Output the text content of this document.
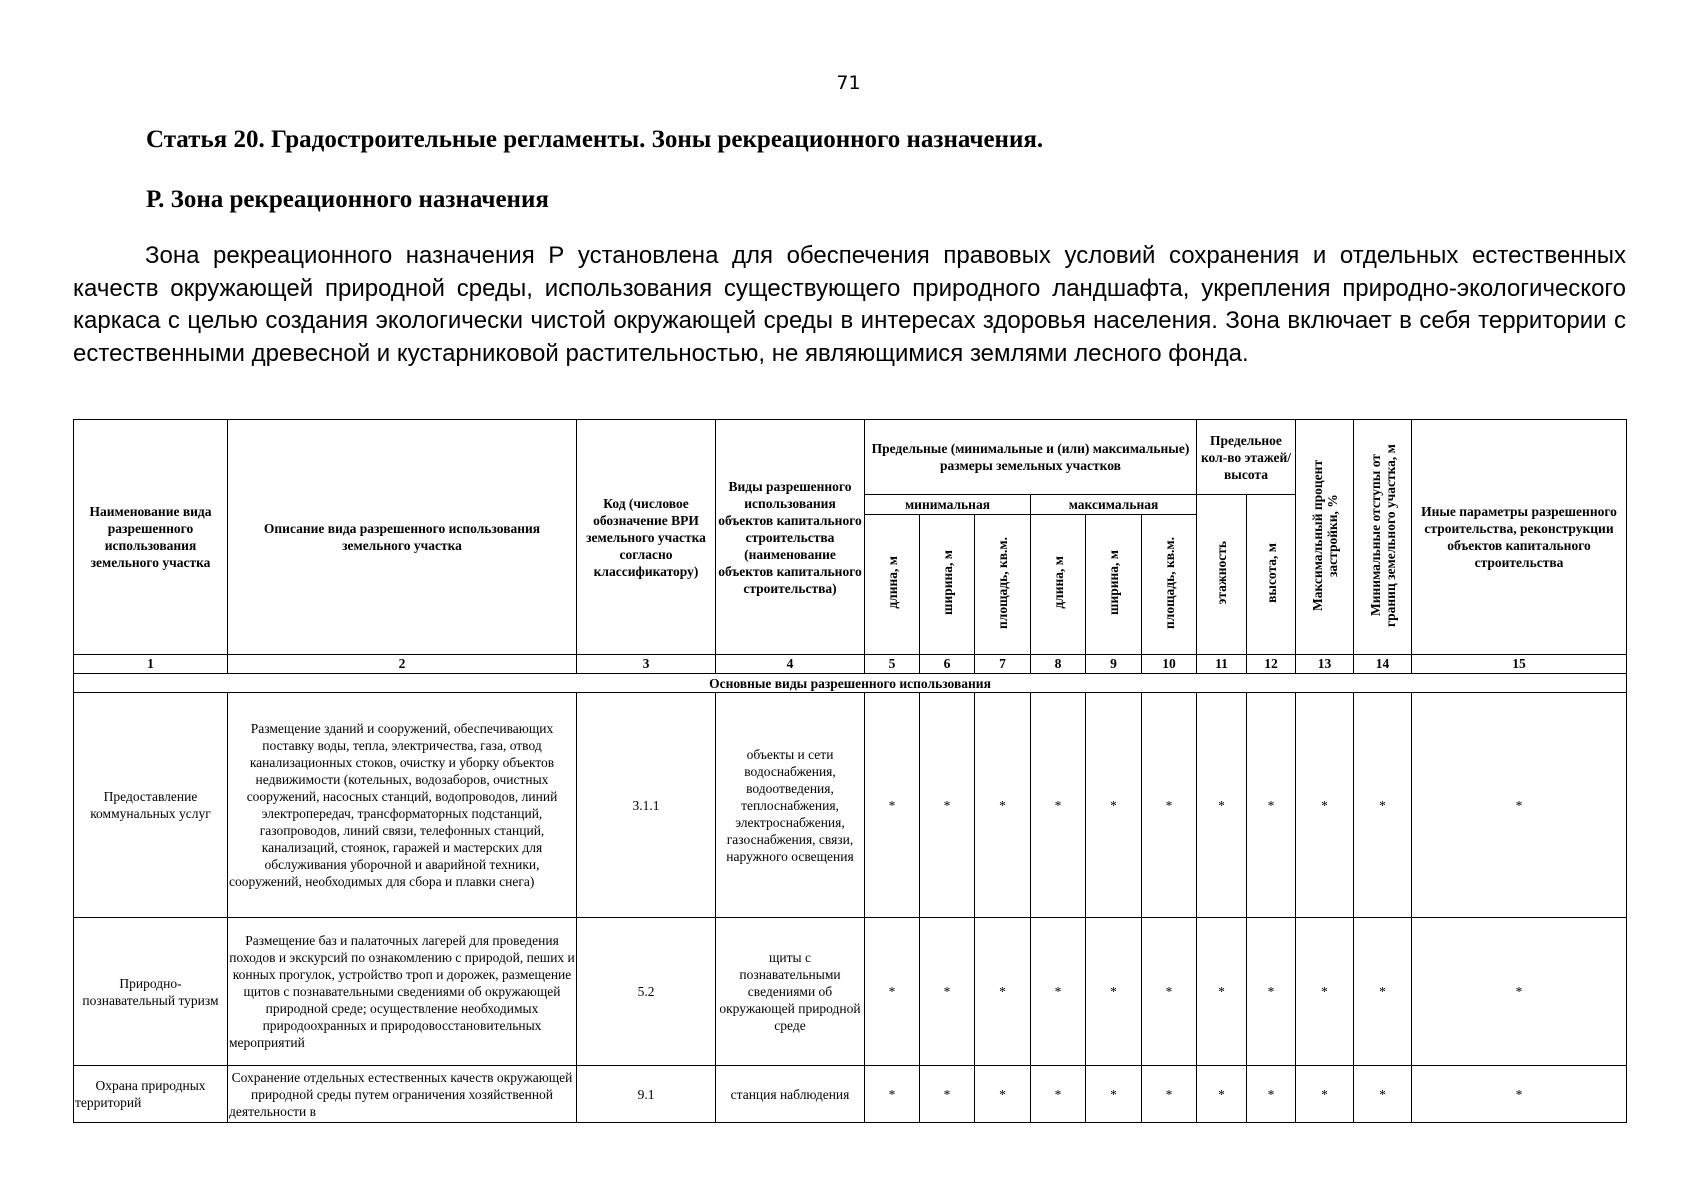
71
Статья 20. Градостроительные регламенты. Зоны рекреационного назначения.
Р. Зона рекреационного назначения

Зона рекреационного назначения Р установлена для обеспечения правовых условий сохранения и отдельных естественных качеств окружающей природной среды, использования существующего природного ландшафта, укрепления природно-экологического каркаса с целью создания экологически чистой окружающей среды в интересах здоровья населения. Зона включает в себя территории с естественными древесной и кустарниковой растительностью, не являющимися землями лесного фонда.

Наименование вида разрешенного использования земельного участка	Описание вида разрешенного использования земельного участка	Код (числовое обозначение ВРИ земельного участка согласно классификатору)	Виды разрешенного использования объектов капитального строительства (наименование объектов капитального строительства)	Предельные (минимальные и (или) максимальные) размеры земельных участков						Предельное кол-во этажей/ высота		Максимальный процент застройки, %	Минимальные отступы от границ земельного участка, м	Иные параметры разрешенного строительства, реконструкции объектов капитального строительства
				минимальная			максимальная			этажность	высота, м			
				длина, м	ширина, м	площадь, кв.м.	длина, м	ширина, м	площадь, кв.м.					
1	2	3	4	5	6	7	8	9	10	11	12	13	14	15
Основные виды разрешенного использования														
Предоставление коммунальных услуг	Размещение зданий и сооружений, обеспечивающих поставку воды, тепла, электричества, газа, отвод канализационных стоков, очистку и уборку объектов недвижимости (котельных, водозаборов, очистных сооружений, насосных станций, водопроводов, линий электропередач, трансформаторных подстанций, газопроводов, линий связи, телефонных станций, канализаций, стоянок, гаражей и мастерских для обслуживания уборочной и аварийной техники, сооружений, необходимых для сбора и плавки снега)	3.1.1	объекты и сети водоснабжения, водоотведения, теплоснабжения, электроснабжения, газоснабжения, связи, наружного освещения	*	*	*	*	*	*	*	*	*	*	*
Природно-познавательный туризм	Размещение баз и палаточных лагерей для проведения походов и экскурсий по ознакомлению с природой, пеших и конных прогулок, устройство троп и дорожек, размещение щитов с познавательными сведениями об окружающей природной среде; осуществление необходимых природоохранных и природовосстановительных мероприятий	5.2	щиты с познавательными сведениями об окружающей природной среде	*	*	*	*	*	*	*	*	*	*	*
Охрана природных территорий	Сохранение отдельных естественных качеств окружающей природной среды путем ограничения хозяйственной деятельности в	9.1	станция наблюдения	*	*	*	*	*	*	*	*	*	*	*
